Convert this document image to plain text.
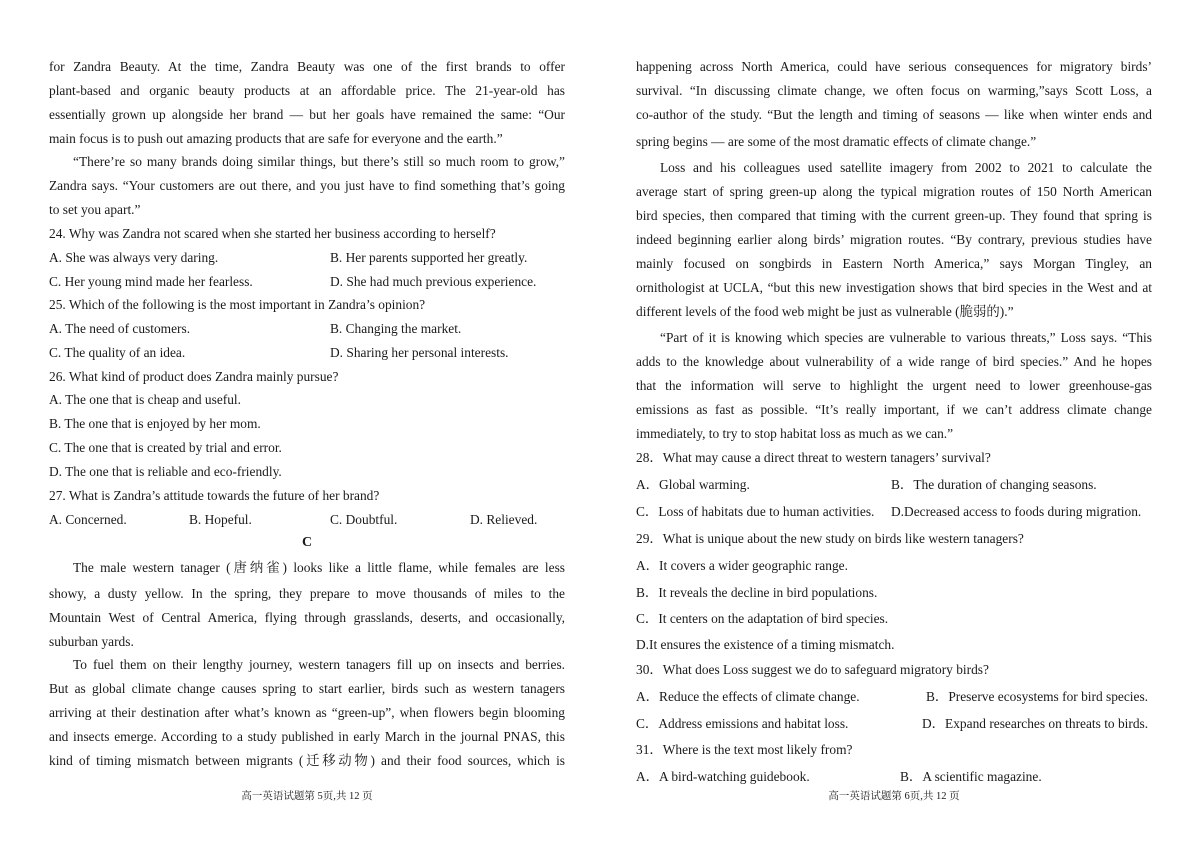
for Zandra Beauty. At the time, Zandra Beauty was one of the first brands to offer
plant-based and organic beauty products at an affordable price. The 21-year-old has
essentially grown up alongside her brand — but her goals have remained the same: “Our
main focus is to push out amazing products that are safe for everyone and the earth.”
“There’re so many brands doing similar things, but there’s still so much room to grow,”
Zandra says. “Your customers are out there, and you just have to find something that’s going
to set you apart.”
24. Why was Zandra not scared when she started her business according to herself?
A. She was always very daring.	B. Her parents supported her greatly.
C. Her young mind made her fearless.	D. She had much previous experience.
25. Which of the following is the most important in Zandra’s opinion?
A. The need of customers.	B. Changing the market.
C. The quality of an idea.	D. Sharing her personal interests.
26. What kind of product does Zandra mainly pursue?
A. The one that is cheap and useful.
B. The one that is enjoyed by her mom.
C. The one that is created by trial and error.
D. The one that is reliable and eco-friendly.
27. What is Zandra’s attitude towards the future of her brand?
A. Concerned.	B. Hopeful.	C. Doubtful.	D. Relieved.
C
The male western tanager (唐纳雀) looks like a little flame, while females are less
showy, a dusty yellow. In the spring, they prepare to move thousands of miles to the
Mountain West of Central America, flying through grasslands, deserts, and occasionally,
suburban yards.
To fuel them on their lengthy journey, western tanagers fill up on insects and berries.
But as global climate change causes spring to start earlier, birds such as western tanagers
arriving at their destination after what’s known as “green-up”, when flowers begin blooming
and insects emerge. According to a study published in early March in the journal PNAS, this
kind of timing mismatch between migrants (迁移动物) and their food sources, which is
高一英语试题第 5页,共 12 页
happening across North America, could have serious consequences for migratory birds’
survival. “In discussing climate change, we often focus on warming,”says Scott Loss, a
co-author of the study. “But the length and timing of seasons — like when winter ends and
spring begins — are some of the most dramatic effects of climate change.”
Loss and his colleagues used satellite imagery from 2002 to 2021 to calculate the
average start of spring green-up along the typical migration routes of 150 North American
bird species, then compared that timing with the current green-up. They found that spring is
indeed beginning earlier along birds’ migration routes. “By contrary, previous studies have
mainly focused on songbirds in Eastern North America,” says Morgan Tingley, an
ornithologist at UCLA, “but this new investigation shows that bird species in the West and at
different levels of the food web might be just as vulnerable (脆弱的).”
“Part of it is knowing which species are vulnerable to various threats,” Loss says. “This
adds to the knowledge about vulnerability of a wide range of bird species.” And he hopes
that the information will serve to highlight the urgent need to lower greenhouse-gas
emissions as fast as possible. “It’s really important, if we can’t address climate change
immediately, to try to stop habitat loss as much as we can.”
28．What may cause a direct threat to western tanagers’ survival?
A．Global warming.	B．The duration of changing seasons.
C．Loss of habitats due to human activities. D.Decreased access to foods during migration.
29．What is unique about the new study on birds like western tanagers?
A．It covers a wider geographic range.
B．It reveals the decline in bird populations.
C．It centers on the adaptation of bird species.
D.It ensures the existence of a timing mismatch.
30．What does Loss suggest we do to safeguard migratory birds?
A．Reduce the effects of climate change.	B．Preserve ecosystems for bird species.
C．Address emissions and habitat loss.	D．Expand researches on threats to birds.
31．Where is the text most likely from?
A．A bird-watching guidebook.	B．A scientific magazine.
高一英语试题第 6页,共 12 页
